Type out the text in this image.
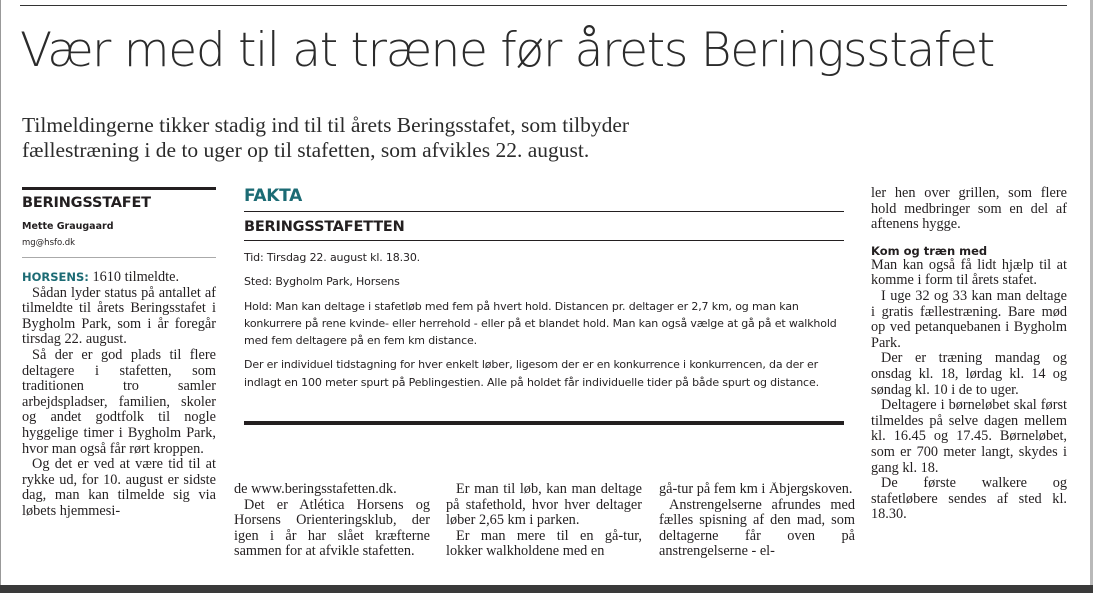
Vær med til at træne før årets Beringsstafet
Tilmeldingerne tikker stadig ind til til årets Beringsstafet, som tilbyder fællestræning i de to uger op til stafetten, som afvikles 22. august.
BERINGSSTAFET
Mette Graugaard
mg@hsfo.dk

HORSENS: 1610 tilmeldte.

Sådan lyder status på antallet af tilmeldte til årets Beringsstafet i Bygholm Park, som i år foregår tirsdag 22. august.

Så der er god plads til flere deltagere i stafetten, som traditionen tro samler arbejdspladser, familien, skoler og andet godtfolk til nogle hyggelige timer i Bygholm Park, hvor man også får rørt kroppen.

Og det er ved at være tid til at rykke ud, for 10. august er sidste dag, man kan tilmelde sig via løbets hjemmesi-

FAKTA
BERINGSSTAFETTEN

Tid: Tirsdag 22. august kl. 18.30.

Sted: Bygholm Park, Horsens

Hold: Man kan deltage i stafetløb med fem på hvert hold. Distancen pr. deltager er 2,7 km, og man kan konkurrere på rene kvinde- eller herrehold - eller på et blandet hold. Man kan også vælge at gå på et walkhold med fem deltagere på en fem km distance.

Der er individuel tidstagning for hver enkelt løber, ligesom der er en konkurrence i konkurrencen, da der er indlagt en 100 meter spurt på Peblingestien. Alle på holdet får individuelle tider på både spurt og distance.

de www.beringsstafetten.dk.

Det er Atlética Horsens og Horsens Orienteringsklub, der igen i år har slået kræfterne sammen for at afvikle stafetten.

Er man til løb, kan man deltage på stafethold, hvor hver deltager løber 2,65 km i parken.

Er man mere til en gå-tur, lokker walkholdene med en

gå-tur på fem km i Åbjergskoven.

Anstrengelserne afrundes med fælles spisning af den mad, som deltagerne får oven på anstrengelserne - el-

ler hen over grillen, som flere hold medbringer som en del af aftenens hygge.

Kom og træn med

Man kan også få lidt hjælp til at komme i form til årets stafet.

I uge 32 og 33 kan man deltage i gratis fællestræning. Bare mød op ved petanquebanen i Bygholm Park.

Der er træning mandag og onsdag kl. 18, lørdag kl. 14 og søndag kl. 10 i de to uger.

Deltagere i børneløbet skal først tilmeldes på selve dagen mellem kl. 16.45 og 17.45. Børneløbet, som er 700 meter langt, skydes i gang kl. 18.

De første walkere og stafetløbere sendes af sted kl. 18.30.
